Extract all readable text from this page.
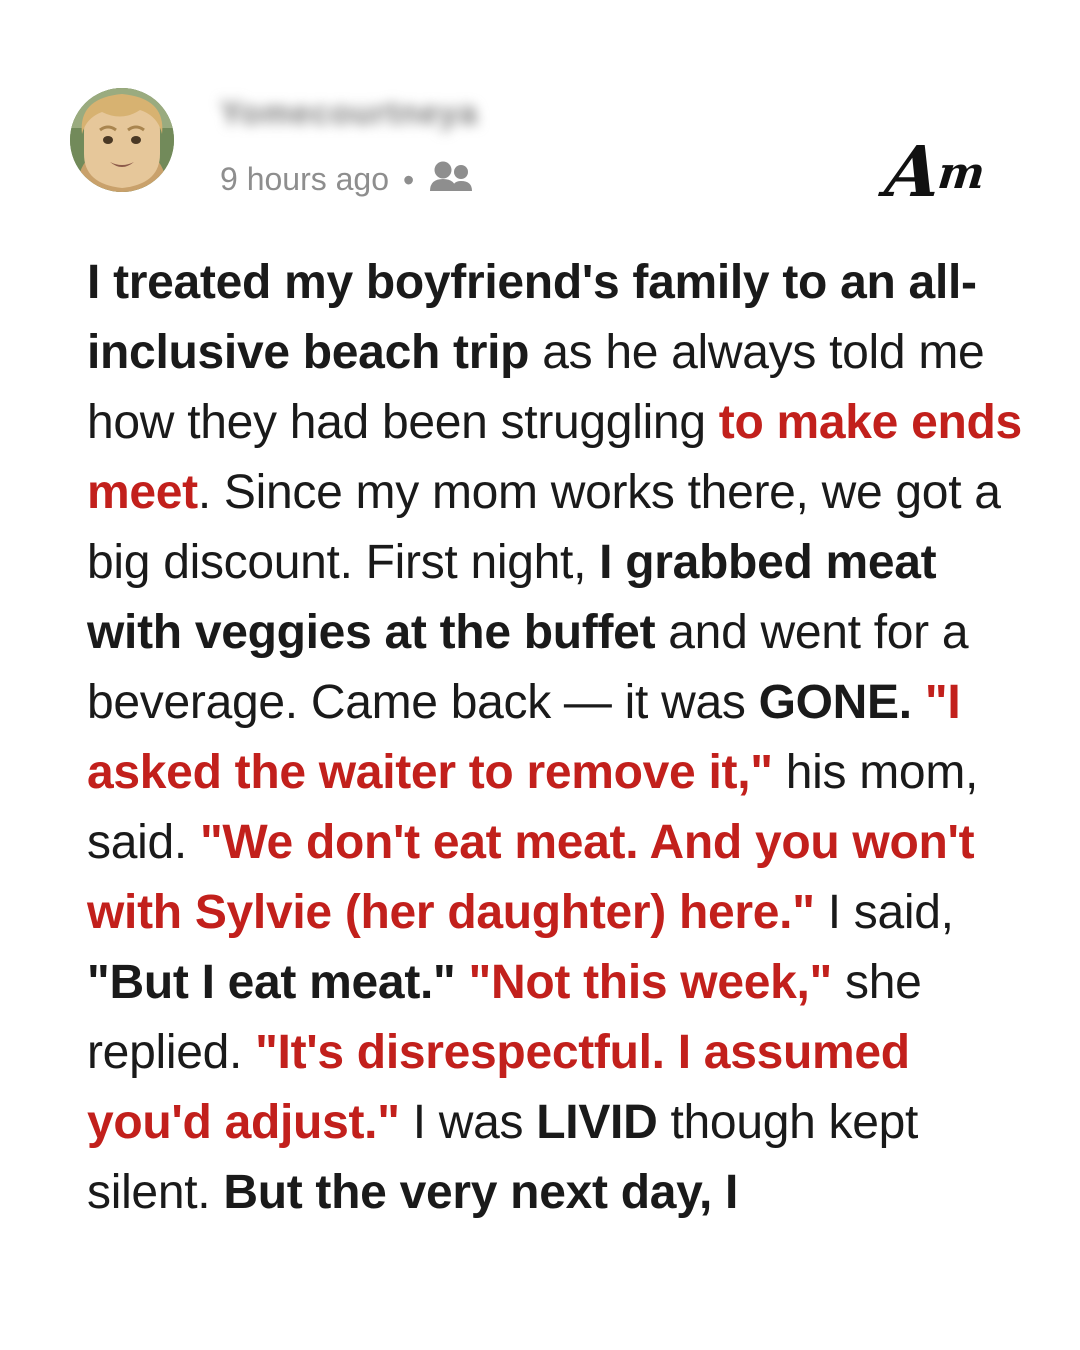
Yomecourtneya
9 hours ago •	Am

I treated my boyfriend's family to an all-inclusive beach trip as he always told me how they had been struggling to make ends meet. Since my mom works there, we got a big discount. First night, I grabbed meat with veggies at the buffet and went for a beverage. Came back — it was GONE. "I asked the waiter to remove it," his mom, said. "We don't eat meat. And you won't with Sylvie (her daughter) here." I said, "But I eat meat." "Not this week," she replied. "It's disrespectful. I assumed you'd adjust." I was LIVID though kept silent. But the very next day, I
